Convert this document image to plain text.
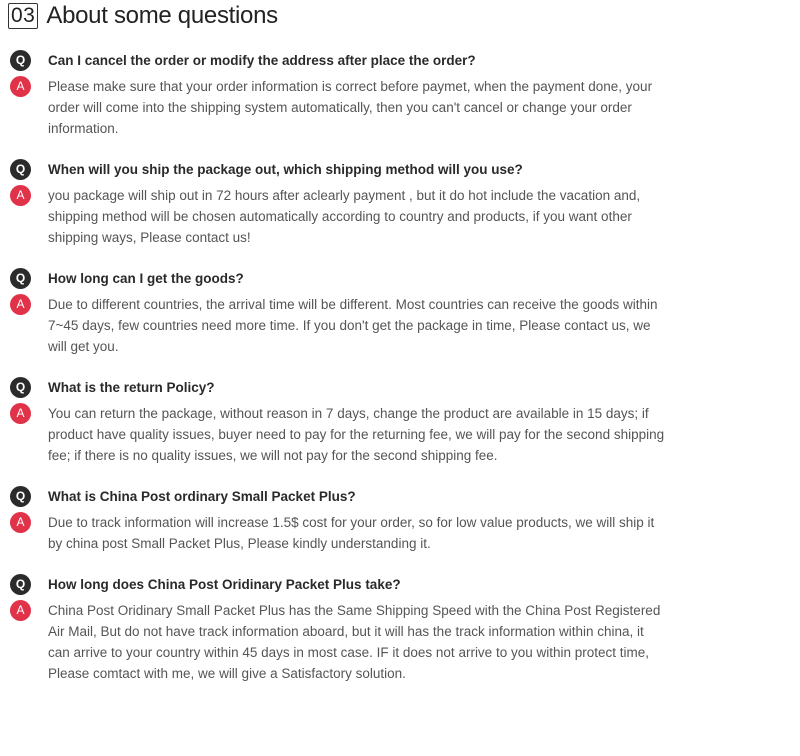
03 About some questions
Q	Can I cancel the order or modify the address after place the order?
A	Please make sure that your order information is correct before paymet, when the payment done, your order will come into the shipping system automatically, then you can't cancel or change your order information.
Q	When will you ship the package out, which shipping method will you use?
A	you package will ship out in 72 hours after aclearly payment , but it do hot include the vacation and, shipping method will be chosen automatically according to country and products, if you want other shipping ways, Please contact us!
Q	How long can I get the goods?
A	Due to different countries, the arrival time will be different. Most countries can receive the goods within 7~45 days, few countries need more time. If you don't get the package in time, Please contact us, we will get you.
Q	What is the return Policy?
A	You can return the package, without reason in 7 days, change the product are available in 15 days; if product have quality issues, buyer need to pay for the returning fee, we will pay for the second shipping fee; if there is no quality issues, we will not pay for the second shipping fee.
Q	What is China Post ordinary Small Packet Plus?
A	Due to track information will increase 1.5$ cost for your order, so for low value products, we will ship it by china post Small Packet Plus, Please kindly understanding it.
Q	How long does China Post Oridinary Packet Plus take?
A	China Post Oridinary Small Packet Plus has the Same Shipping Speed with the China Post Registered Air Mail, But do not have track information aboard, but it will has the track information within china, it can arrive to your country within 45 days in most case. IF it does not arrive to you within protect time, Please comtact with me, we will give a Satisfactory solution.
